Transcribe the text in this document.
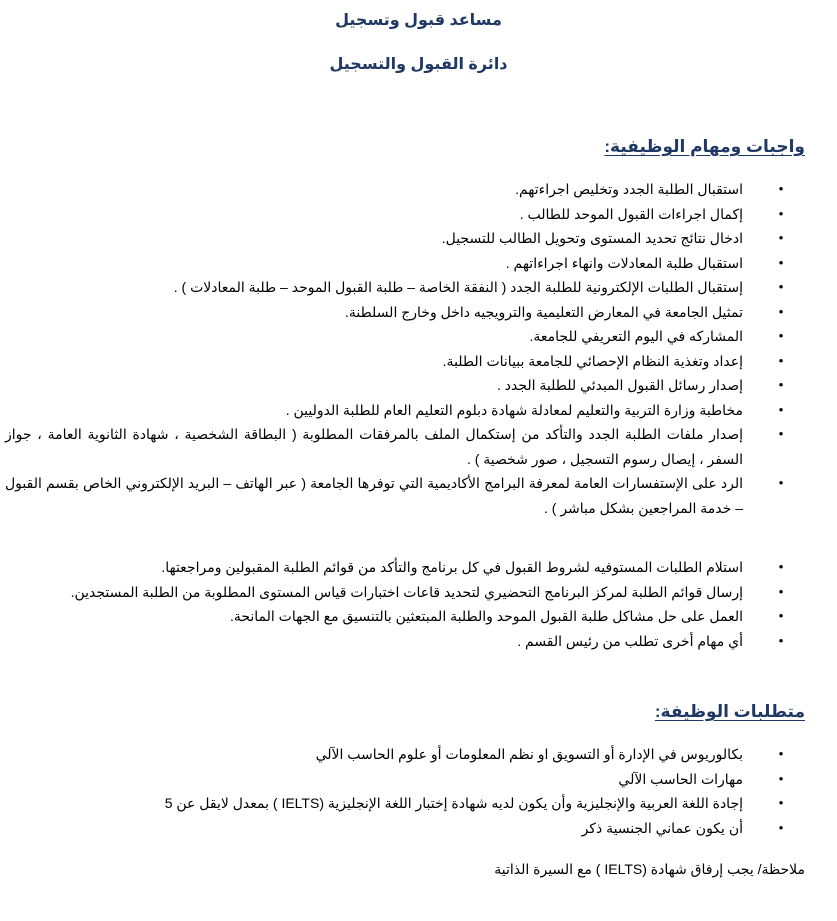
مساعد قبول وتسجيل
دائرة القبول والتسجيل
واجبات ومهام الوظيفية:
•
استقبال الطلبة الجدد وتخليص اجراءتهم.
•
إكمال اجراءات القبول الموحد للطالب .
•
ادخال نتائج تحديد المستوى وتحويل الطالب للتسجيل.
•
استقبال طلبة المعادلات وانهاء اجراءاتهم .
•
إستقبال الطلبات الإلكترونية للطلبة الجدد ( النفقة الخاصة – طلبة القبول الموحد – طلبة المعادلات ) .
•
تمثيل الجامعة في المعارض التعليمية والترويجيه داخل وخارج السلطنة.
•
المشاركه في اليوم التعريفي للجامعة.
•
إعداد وتغذية النظام الإحصائي للجامعة ببيانات الطلبة.
•
إصدار رسائل القبول المبدئي للطلبة الجدد .
•
مخاطبة وزارة التربية والتعليم لمعادلة شهادة دبلوم التعليم العام للطلبة الدوليين .
•
إصدار ملفات الطلبة الجدد والتأكد من إستكمال الملف بالمرفقات المطلوبة ( البطاقة الشخصية ، شهادة الثانوية العامة ، جواز السفر ، إيصال رسوم التسجيل ، صور شخصية ) .
•
الرد على الإستفسارات العامة لمعرفة البرامج الأكاديمية التي توفرها الجامعة ( عبر الهاتف – البريد الإلكتروني الخاص بقسم القبول – خدمة المراجعين بشكل مباشر ) .
•
استلام الطلبات المستوفيه لشروط القبول في كل برنامج والتأكد من قوائم الطلبة المقبولين ومراجعتها.
•
إرسال قوائم الطلبة لمركز البرنامج التحضيري لتحديد قاعات اختبارات قياس المستوى المطلوبة من الطلبة المستجدين.
•
العمل على حل مشاكل طلبة القبول الموحد والطلبة المبتعثين بالتنسيق مع الجهات المانحة.
•
أي مهام أخرى تطلب من رئيس القسم .
متطلبات الوظيفة:
•
بكالوريوس في الإدارة أو التسويق او نظم المعلومات أو علوم الحاسب الآلي
•
مهارات الحاسب الآلي
•
إجادة اللغة العربية والإنجليزية وأن يكون لديه شهادة إختبار اللغة الإنجليزية (IELTS ) بمعدل لايقل عن 5
•
أن يكون عماني الجنسية ذكر

ملاحظة/ يجب إرفاق شهادة (IELTS ) مع السيرة الذاتية
